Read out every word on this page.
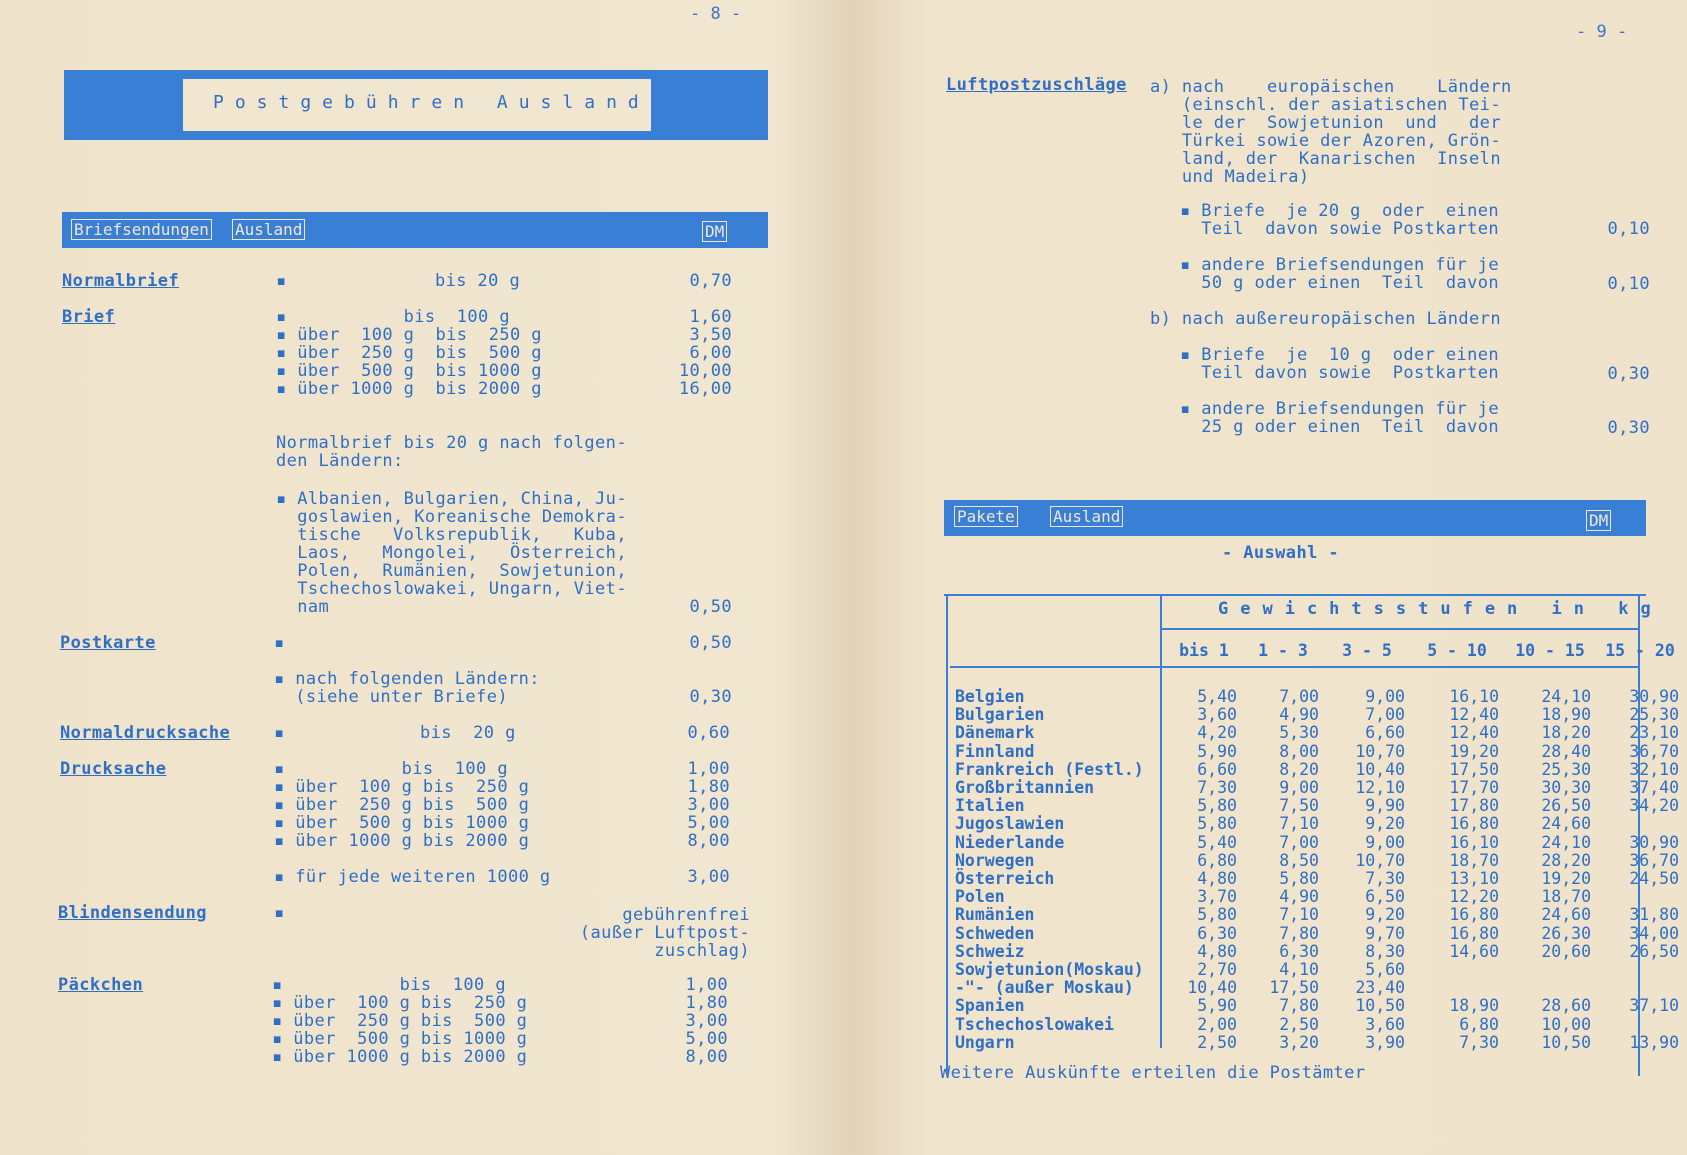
- 8 -
Postgebühren Ausland
Briefsendungen Ausland	DM
Normalbrief	▪	bis 20 g	0,70
Brief	▪           bis  100 g	1,60
▪ über  100 g  bis  250 g	3,50
▪ über  250 g  bis  500 g	6,00
▪ über  500 g  bis 1000 g	10,00
▪ über 1000 g  bis 2000 g	16,00
Normalbrief bis 20 g nach folgen-
den Ländern:
▪ Albanien, Bulgarien, China, Ju-
goslawien, Koreanische Demokra-
tische   Volksrepublik,   Kuba,
Laos,   Mongolei,   Österreich,
Polen,  Rumänien,  Sowjetunion,
Tschechoslowakei, Ungarn, Viet-
nam	0,50
Postkarte	▪	0,50
▪ nach folgenden Ländern:
(siehe unter Briefe)	0,30
Normaldrucksache	▪	bis  20 g	0,60
Drucksache	▪           bis  100 g	1,00
▪ über  100 g bis  250 g	1,80
▪ über  250 g bis  500 g	3,00
▪ über  500 g bis 1000 g	5,00
▪ über 1000 g bis 2000 g	8,00
▪ für jede weiteren 1000 g	3,00
Blindensendung	▪	gebührenfrei
(außer Luftpost-
zuschlag)
Päckchen	▪           bis  100 g	1,00
▪ über  100 g bis  250 g	1,80
▪ über  250 g bis  500 g	3,00
▪ über  500 g bis 1000 g	5,00
▪ über 1000 g bis 2000 g	8,00
- 9 -
Luftpostzuschläge a) nach    europäischen    Ländern
(einschl. der asiatischen Tei-
le der  Sowjetunion  und   der
Türkei sowie der Azoren, Grön-
land, der  Kanarischen  Inseln
und Madeira)
▪ Briefe  je 20 g  oder  einen
Teil  davon sowie Postkarten	0,10
▪ andere Briefsendungen für je
50 g oder einen  Teil  davon	0,10
b) nach außereuropäischen Ländern
▪ Briefe  je  10 g  oder einen
Teil davon sowie  Postkarten	0,30
▪ andere Briefsendungen für je
25 g oder einen  Teil  davon	0,30
Pakete Ausland	DM
- Auswahl -
Gewichtsstufen in kg
	bis 1	1 - 3	3 - 5	5 - 10	10 - 15	15 - 20

Belgien	5,40	7,00	9,00	16,10	24,10	30,90
Bulgarien	3,60	4,90	7,00	12,40	18,90	25,30
Dänemark	4,20	5,30	6,60	12,40	18,20	23,10
Finnland	5,90	8,00	10,70	19,20	28,40	36,70
Frankreich (Festl.)	6,60	8,20	10,40	17,50	25,30	32,10
Großbritannien	7,30	9,00	12,10	17,70	30,30	37,40
Italien	5,80	7,50	9,90	17,80	26,50	34,20
Jugoslawien	5,80	7,10	9,20	16,80	24,60	
Niederlande	5,40	7,00	9,00	16,10	24,10	30,90
Norwegen	6,80	8,50	10,70	18,70	28,20	36,70
Österreich	4,80	5,80	7,30	13,10	19,20	24,50
Polen	3,70	4,90	6,50	12,20	18,70	
Rumänien	5,80	7,10	9,20	16,80	24,60	31,80
Schweden	6,30	7,80	9,70	16,80	26,30	34,00
Schweiz	4,80	6,30	8,30	14,60	20,60	26,50
Sowjetunion(Moskau)	2,70	4,10	5,60			
-"- (außer Moskau)	10,40	17,50	23,40			
Spanien	5,90	7,80	10,50	18,90	28,60	37,10
Tschechoslowakei	2,00	2,50	3,60	6,80	10,00	
Ungarn	2,50	3,20	3,90	7,30	10,50	13,90
Weitere Auskünfte erteilen die Postämter
